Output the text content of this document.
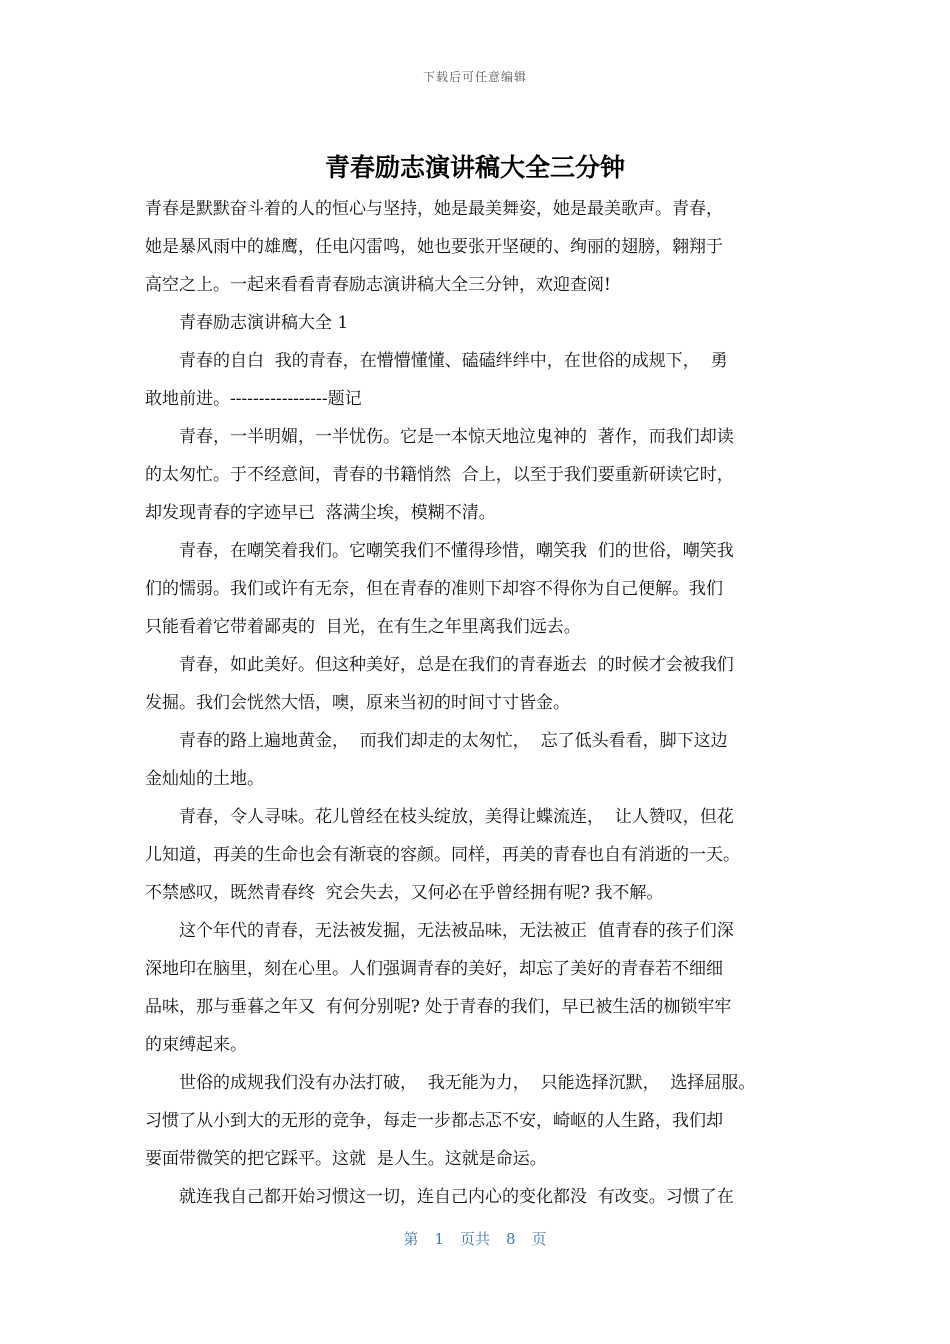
下载后可任意编辑
青春励志演讲稿大全三分钟

青春是默默奋斗着的人的恒心与坚持，她是最美舞姿，她是最美歌声。青春，

她是暴风雨中的雄鹰，任电闪雷鸣，她也要张开坚硬的、绚丽的翅膀，翱翔于

高空之上。一起来看看青春励志演讲稿大全三分钟，欢迎查阅!

青春励志演讲稿大全 1

青春的自白  我的青春，在懵懵懂懂、磕磕绊绊中，在世俗的成规下，  勇

敢地前进。-----------------题记

青春，一半明媚，一半忧伤。它是一本惊天地泣鬼神的  著作，而我们却读

的太匆忙。于不经意间，青春的书籍悄然  合上，以至于我们要重新研读它时，

却发现青春的字迹早已  落满尘埃，模糊不清。

青春，在嘲笑着我们。它嘲笑我们不懂得珍惜，嘲笑我  们的世俗，嘲笑我

们的懦弱。我们或许有无奈，但在青春的准则下却容不得你为自己便解。我们

只能看着它带着鄙夷的  目光，在有生之年里离我们远去。

青春，如此美好。但这种美好，总是在我们的青春逝去  的时候才会被我们

发掘。我们会恍然大悟，噢，原来当初的时间寸寸皆金。

青春的路上遍地黄金，  而我们却走的太匆忙，  忘了低头看看，脚下这边

金灿灿的土地。

青春，令人寻味。花儿曾经在枝头绽放，美得让蝶流连，  让人赞叹，但花

儿知道，再美的生命也会有渐衰的容颜。同样，再美的青春也自有消逝的一天。

不禁感叹，既然青春终  究会失去，又何必在乎曾经拥有呢? 我不解。

这个年代的青春，无法被发掘，无法被品味，无法被正  值青春的孩子们深

深地印在脑里，刻在心里。人们强调青春的美好，却忘了美好的青春若不细细

品味，那与垂暮之年又  有何分别呢? 处于青春的我们，早已被生活的枷锁牢牢

的束缚起来。

世俗的成规我们没有办法打破，  我无能为力，  只能选择沉默，  选择屈服。

习惯了从小到大的无形的竞争，每走一步都忐忑不安，崎岖的人生路，我们却

要面带微笑的把它踩平。这就  是人生。这就是命运。

就连我自己都开始习惯这一切，连自己内心的变化都没  有改变。习惯了在

第 1 页共 8 页
